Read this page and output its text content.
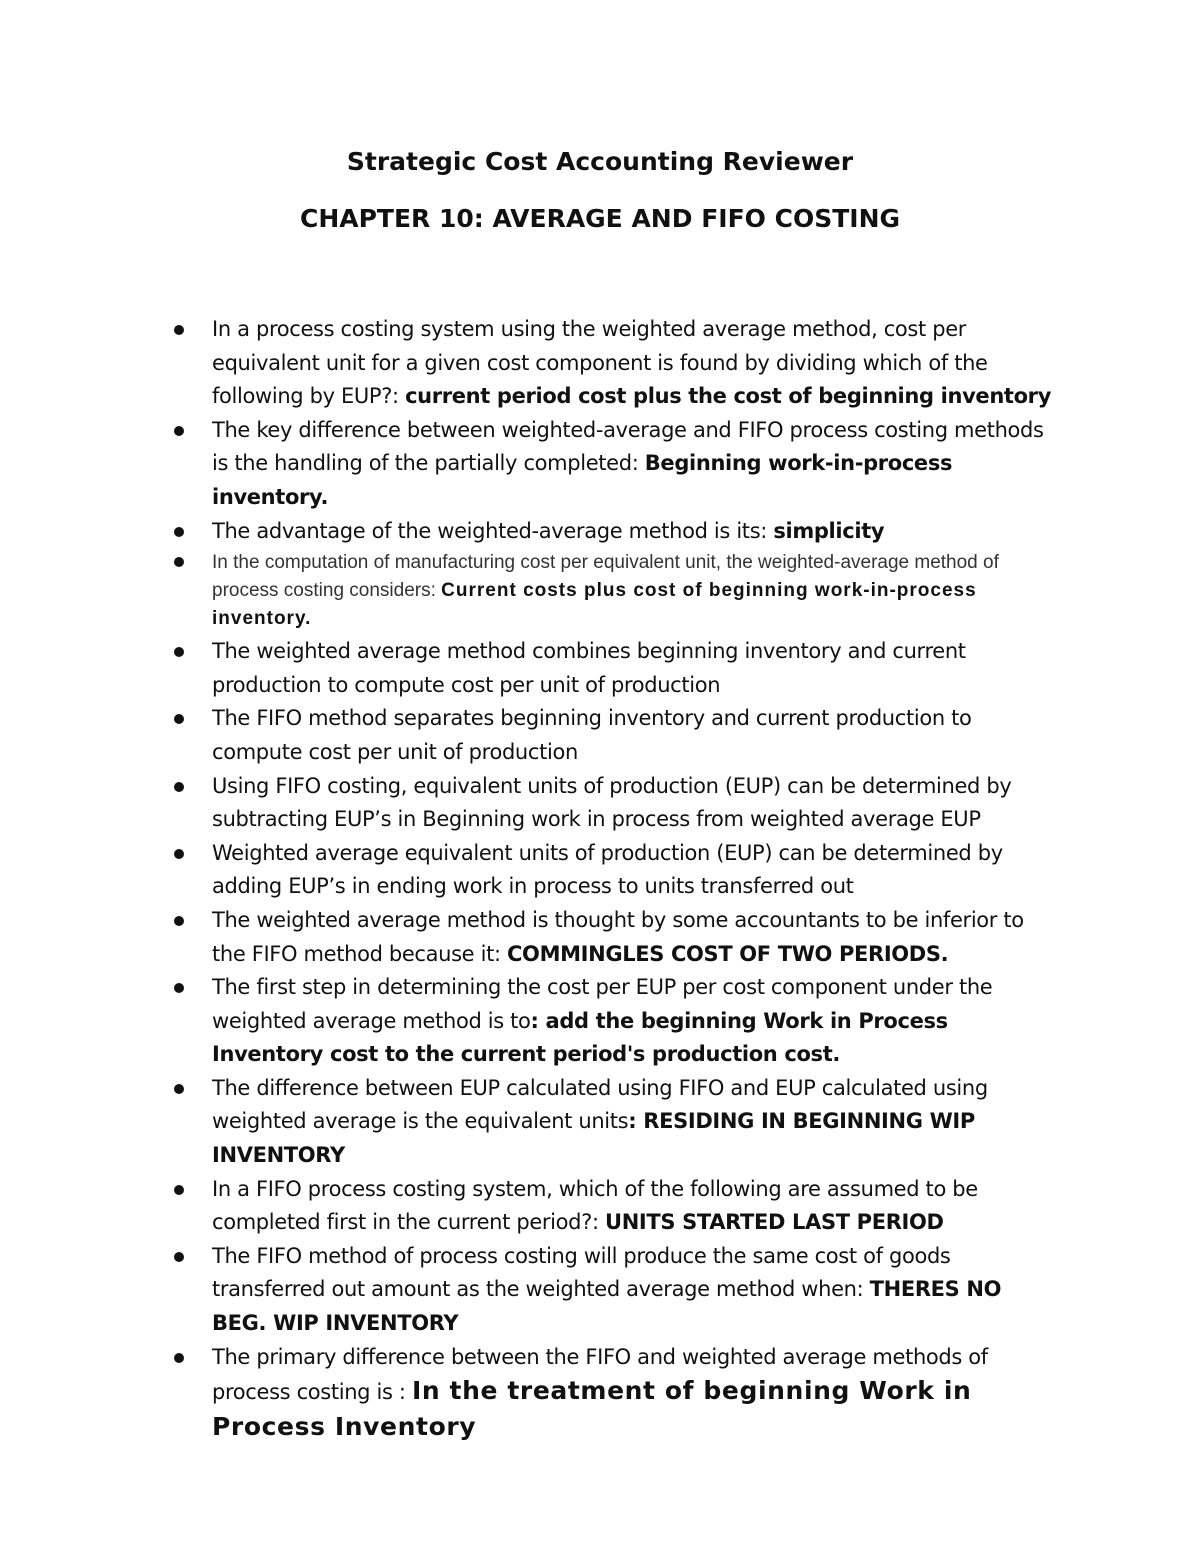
Strategic Cost Accounting Reviewer
CHAPTER 10: AVERAGE AND FIFO COSTING
In a process costing system using the weighted average method, cost per equivalent unit for a given cost component is found by dividing which of the following by EUP?: current period cost plus the cost of beginning inventory
The key difference between weighted-average and FIFO process costing methods is the handling of the partially completed: Beginning work-in-process inventory.
The advantage of the weighted-average method is its: simplicity
In the computation of manufacturing cost per equivalent unit, the weighted-average method of process costing considers: Current costs plus cost of beginning work-in-process inventory.
The weighted average method combines beginning inventory and current production to compute cost per unit of production
The FIFO method separates beginning inventory and current production to compute cost per unit of production
Using FIFO costing, equivalent units of production (EUP) can be determined by subtracting EUP’s in Beginning work in process from weighted average EUP
Weighted average equivalent units of production (EUP) can be determined by adding EUP’s in ending work in process to units transferred out
The weighted average method is thought by some accountants to be inferior to the FIFO method because it: COMMINGLES COST OF TWO PERIODS.
The first step in determining the cost per EUP per cost component under the weighted average method is to: add the beginning Work in Process Inventory cost to the current period's production cost.
The difference between EUP calculated using FIFO and EUP calculated using weighted average is the equivalent units: RESIDING IN BEGINNING WIP INVENTORY
In a FIFO process costing system, which of the following are assumed to be completed first in the current period?: UNITS STARTED LAST PERIOD
The FIFO method of process costing will produce the same cost of goods transferred out amount as the weighted average method when: THERES NO BEG. WIP INVENTORY
The primary difference between the FIFO and weighted average methods of process costing is : In the treatment of beginning Work in Process Inventory
